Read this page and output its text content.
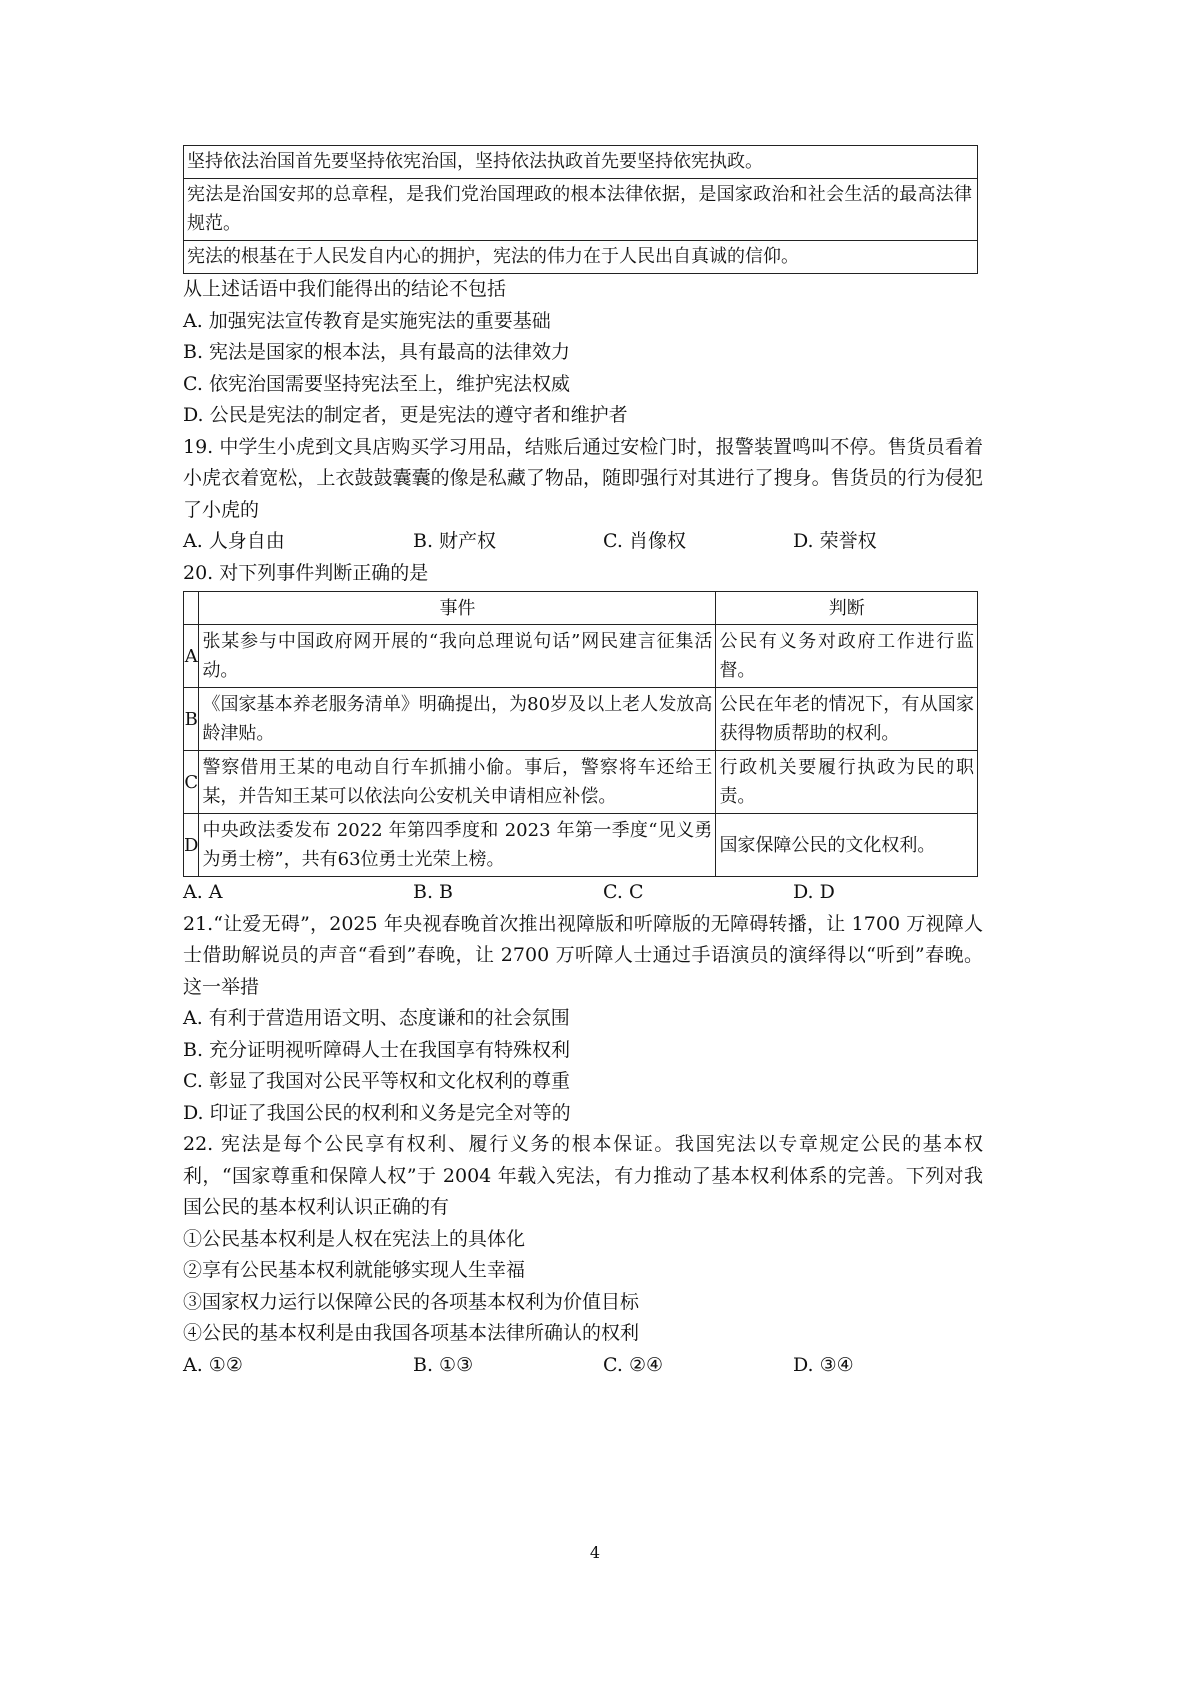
坚持依法治国首先要坚持依宪治国，坚持依法执政首先要坚持依宪执政。
宪法是治国安邦的总章程，是我们党治国理政的根本法律依据，是国家政治和社会生活的最高法律规范。
宪法的根基在于人民发自内心的拥护，宪法的伟力在于人民出自真诚的信仰。
从上述话语中我们能得出的结论不包括
A. 加强宪法宣传教育是实施宪法的重要基础
B. 宪法是国家的根本法，具有最高的法律效力
C. 依宪治国需要坚持宪法至上，维护宪法权威
D. 公民是宪法的制定者，更是宪法的遵守者和维护者
19. 中学生小虎到文具店购买学习用品，结账后通过安检门时，报警装置鸣叫不停。售货员看着小虎衣着宽松，上衣鼓鼓囊囊的像是私藏了物品，随即强行对其进行了搜身。售货员的行为侵犯了小虎的
A. 人身自由	B. 财产权	C. 肖像权	D. 荣誉权
20. 对下列事件判断正确的是
	事件	判断
A	张某参与中国政府网开展的“我向总理说句话”网民建言征集活动。	公民有义务对政府工作进行监督。
B	《国家基本养老服务清单》明确提出，为80岁及以上老人发放高龄津贴。	公民在年老的情况下，有从国家获得物质帮助的权利。
C	警察借用王某的电动自行车抓捕小偷。事后，警察将车还给王某，并告知王某可以依法向公安机关申请相应补偿。	行政机关要履行执政为民的职责。
D	中央政法委发布 2022 年第四季度和 2023 年第一季度“见义勇为勇士榜”，共有63位勇士光荣上榜。	国家保障公民的文化权利。
A. A	B. B	C. C	D. D
21.“让爱无碍”，2025 年央视春晚首次推出视障版和听障版的无障碍转播，让 1700 万视障人士借助解说员的声音“看到”春晚，让 2700 万听障人士通过手语演员的演绎得以“听到”春晚。这一举措
A. 有利于营造用语文明、态度谦和的社会氛围
B. 充分证明视听障碍人士在我国享有特殊权利
C. 彰显了我国对公民平等权和文化权利的尊重
D. 印证了我国公民的权利和义务是完全对等的
22. 宪法是每个公民享有权利、履行义务的根本保证。我国宪法以专章规定公民的基本权利，“国家尊重和保障人权”于 2004 年载入宪法，有力推动了基本权利体系的完善。下列对我国公民的基本权利认识正确的有
①公民基本权利是人权在宪法上的具体化
②享有公民基本权利就能够实现人生幸福
③国家权力运行以保障公民的各项基本权利为价值目标
④公民的基本权利是由我国各项基本法律所确认的权利
A. ①②	B. ①③	C. ②④	D. ③④
4
